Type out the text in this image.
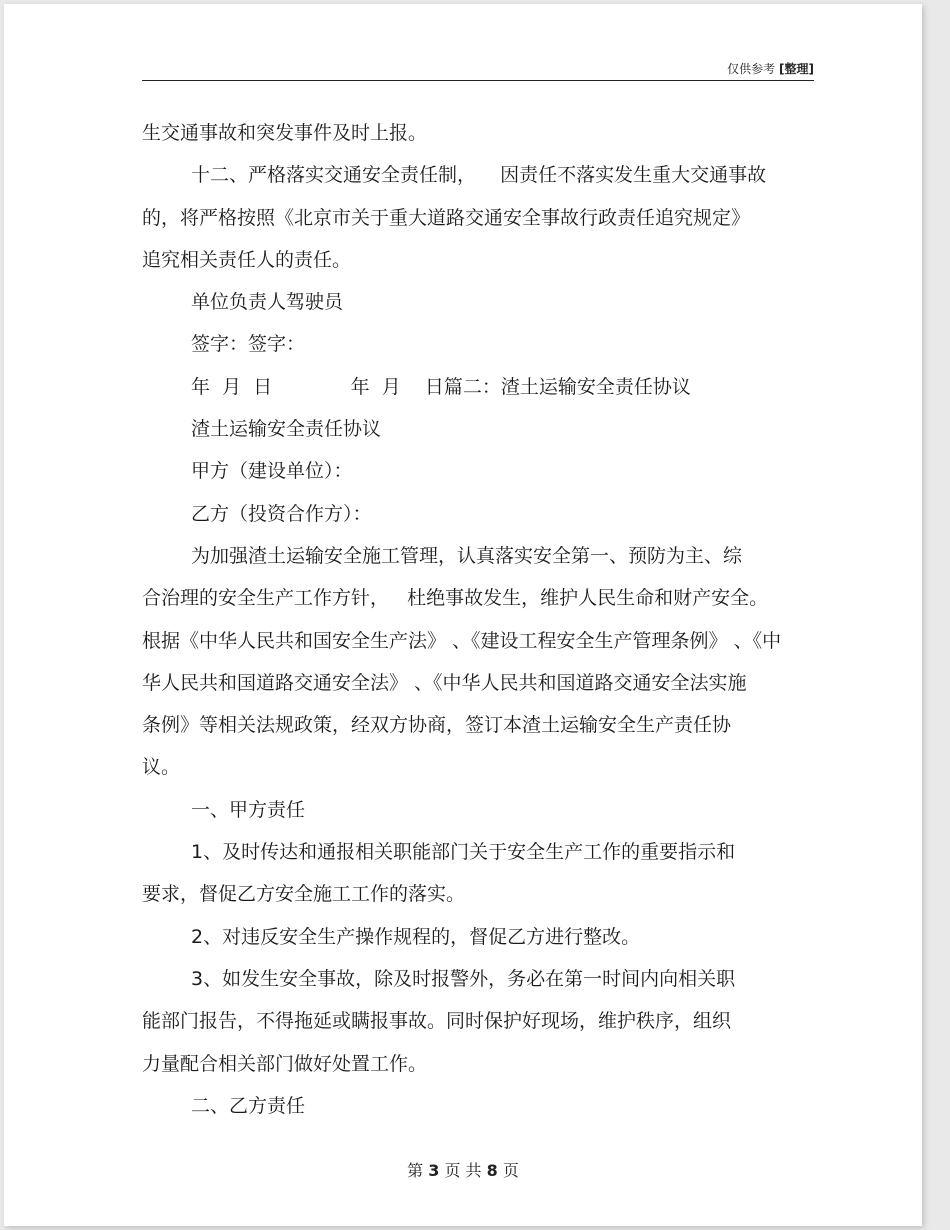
仅供参考 [整理]
生交通事故和突发事件及时上报。
十二、严格落实交通安全责任制，    因责任不落实发生重大交通事故
的，将严格按照《北京市关于重大道路交通安全事故行政责任追究规定》
追究相关责任人的责任。
单位负责人驾驶员
签字：签字：
年  月  日             年  月    日篇二：渣土运输安全责任协议
渣土运输安全责任协议
甲方（建设单位）：
乙方（投资合作方）：
为加强渣土运输安全施工管理，认真落实安全第一、预防为主、综
合治理的安全生产工作方针，   杜绝事故发生，维护人民生命和财产安全。
根据《中华人民共和国安全生产法》 、《建设工程安全生产管理条例》 、《中
华人民共和国道路交通安全法》 、《中华人民共和国道路交通安全法实施
条例》等相关法规政策，经双方协商，签订本渣土运输安全生产责任协
议。
一、甲方责任
1、及时传达和通报相关职能部门关于安全生产工作的重要指示和
要求，督促乙方安全施工工作的落实。
2、对违反安全生产操作规程的，督促乙方进行整改。
3、如发生安全事故，除及时报警外，务必在第一时间内向相关职
能部门报告，不得拖延或瞒报事故。同时保护好现场，维护秩序，组织
力量配合相关部门做好处置工作。
二、乙方责任
第 3 页 共 8 页
